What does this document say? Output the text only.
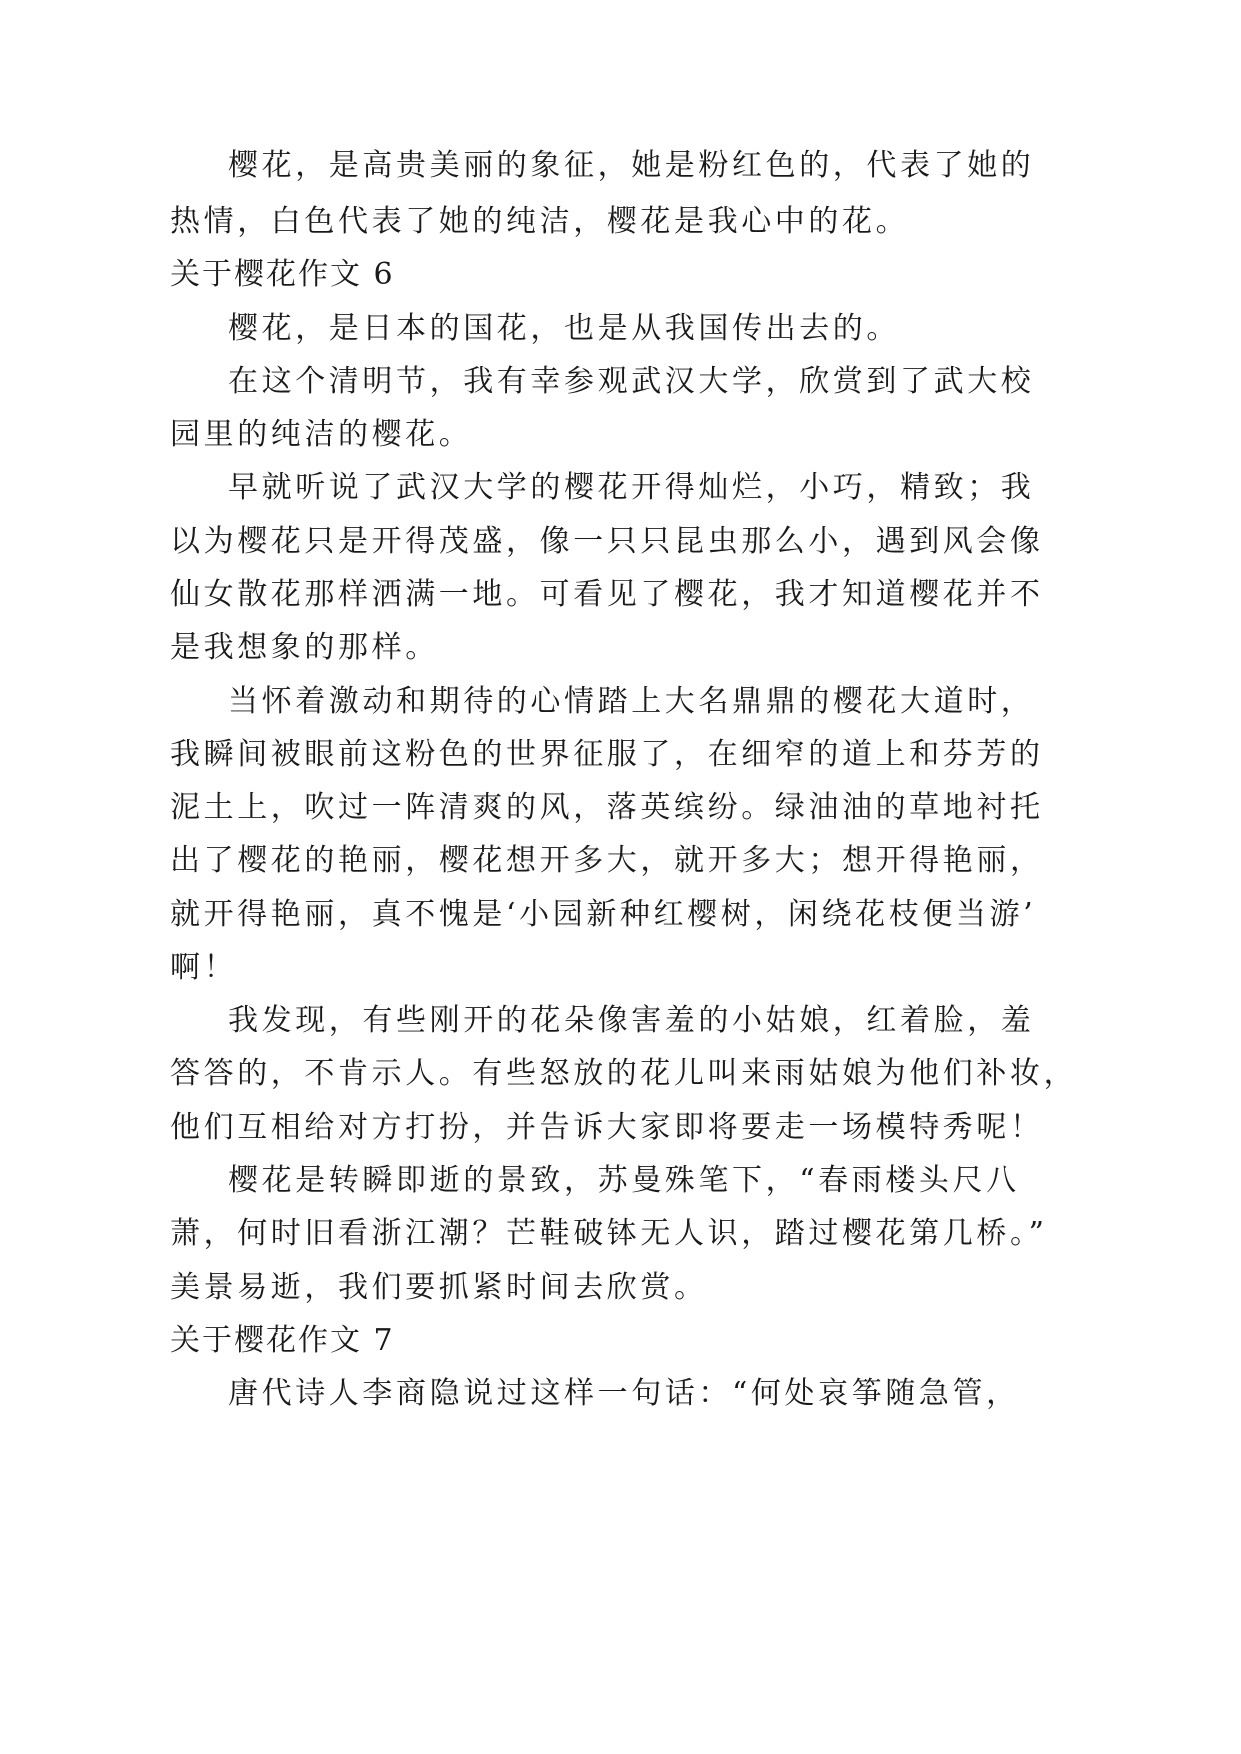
樱花，是高贵美丽的象征，她是粉红色的，代表了她的

热情，白色代表了她的纯洁，樱花是我心中的花。

关于樱花作文 6

樱花，是日本的国花，也是从我国传出去的。

在这个清明节，我有幸参观武汉大学，欣赏到了武大校

园里的纯洁的樱花。

早就听说了武汉大学的樱花开得灿烂，小巧，精致；我

以为樱花只是开得茂盛，像一只只昆虫那么小，遇到风会像

仙女散花那样洒满一地。可看见了樱花，我才知道樱花并不

是我想象的那样。

当怀着激动和期待的心情踏上大名鼎鼎的樱花大道时，

我瞬间被眼前这粉色的世界征服了，在细窄的道上和芬芳的

泥土上，吹过一阵清爽的风，落英缤纷。绿油油的草地衬托

出了樱花的艳丽，樱花想开多大，就开多大；想开得艳丽，

就开得艳丽，真不愧是‘小园新种红樱树，闲绕花枝便当游’

啊！

我发现，有些刚开的花朵像害羞的小姑娘，红着脸，羞

答答的，不肯示人。有些怒放的花儿叫来雨姑娘为他们补妆，

他们互相给对方打扮，并告诉大家即将要走一场模特秀呢！

樱花是转瞬即逝的景致，苏曼殊笔下，“春雨楼头尺八

萧，何时旧看浙江潮？芒鞋破钵无人识，踏过樱花第几桥。”

美景易逝，我们要抓紧时间去欣赏。

关于樱花作文 7

唐代诗人李商隐说过这样一句话：“何处哀筝随急管，
